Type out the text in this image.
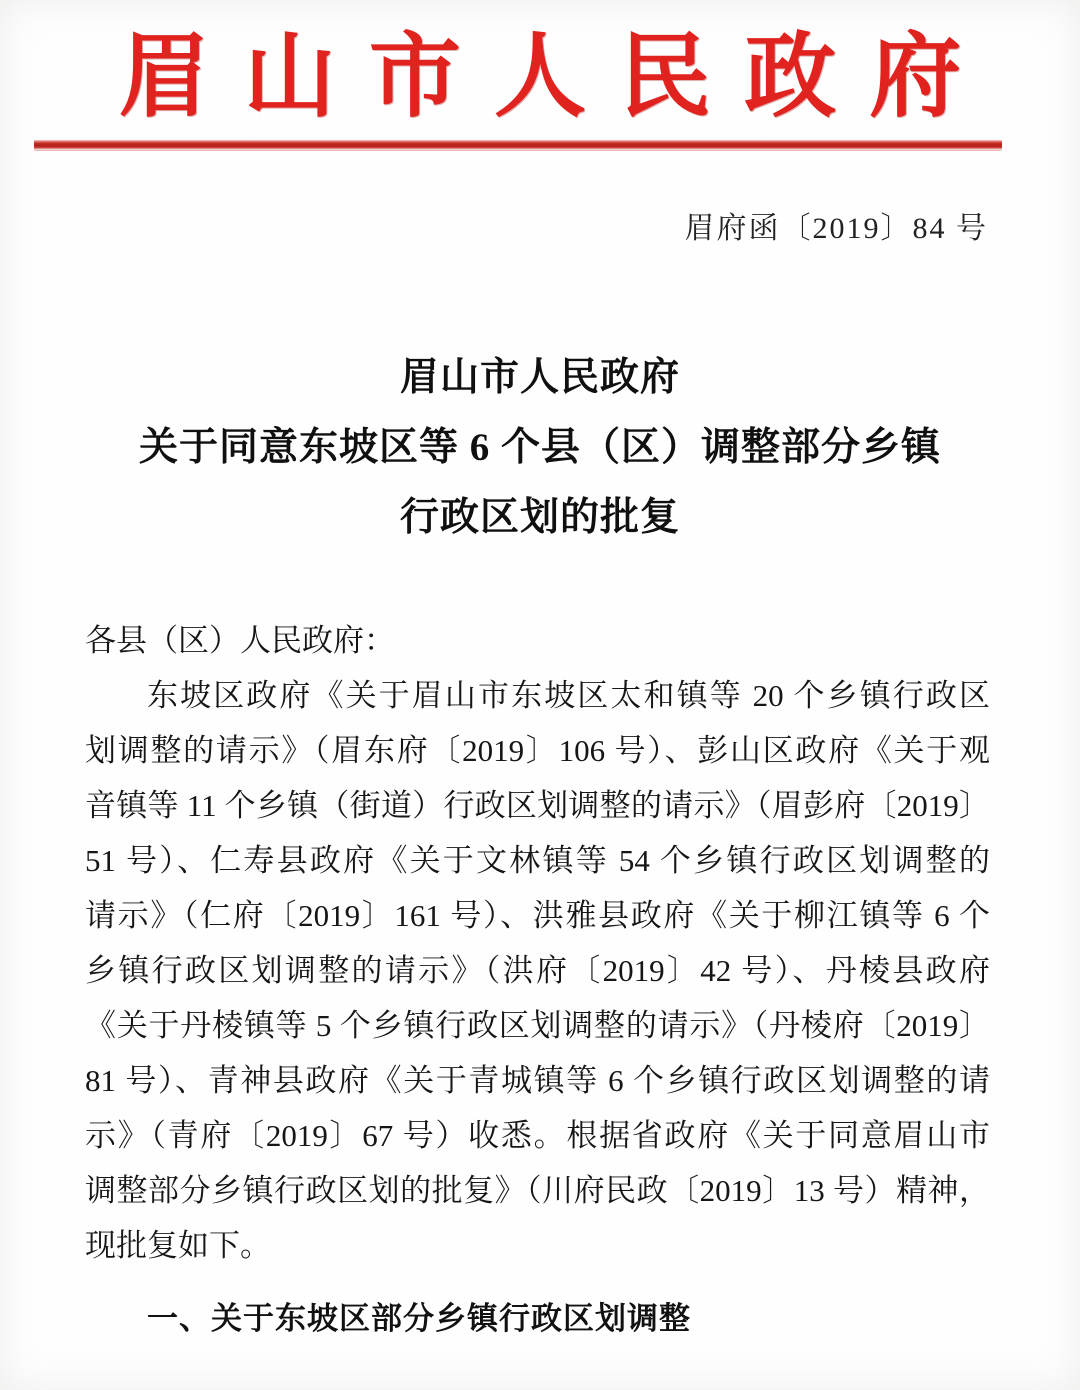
眉山市人民政府
眉府函〔2019〕84 号
眉山市人民政府
关于同意东坡区等 6 个县（区）调整部分乡镇
行政区划的批复

各县（区）人民政府：

东坡区政府《关于眉山市东坡区太和镇等 20 个乡镇行政区

划调整的请示》（眉东府〔2019〕106 号）、彭山区政府《关于观

音镇等 11 个乡镇（街道）行政区划调整的请示》（眉彭府〔2019〕

51 号）、仁寿县政府《关于文林镇等 54 个乡镇行政区划调整的

请示》（仁府〔2019〕161 号）、洪雅县政府《关于柳江镇等 6 个

乡镇行政区划调整的请示》（洪府〔2019〕42 号）、丹棱县政府

《关于丹棱镇等 5 个乡镇行政区划调整的请示》（丹棱府〔2019〕

81 号）、青神县政府《关于青城镇等 6 个乡镇行政区划调整的请

示》（青府〔2019〕67 号）收悉。根据省政府《关于同意眉山市

调整部分乡镇行政区划的批复》（川府民政〔2019〕13 号）精神，

现批复如下。

一、关于东坡区部分乡镇行政区划调整
